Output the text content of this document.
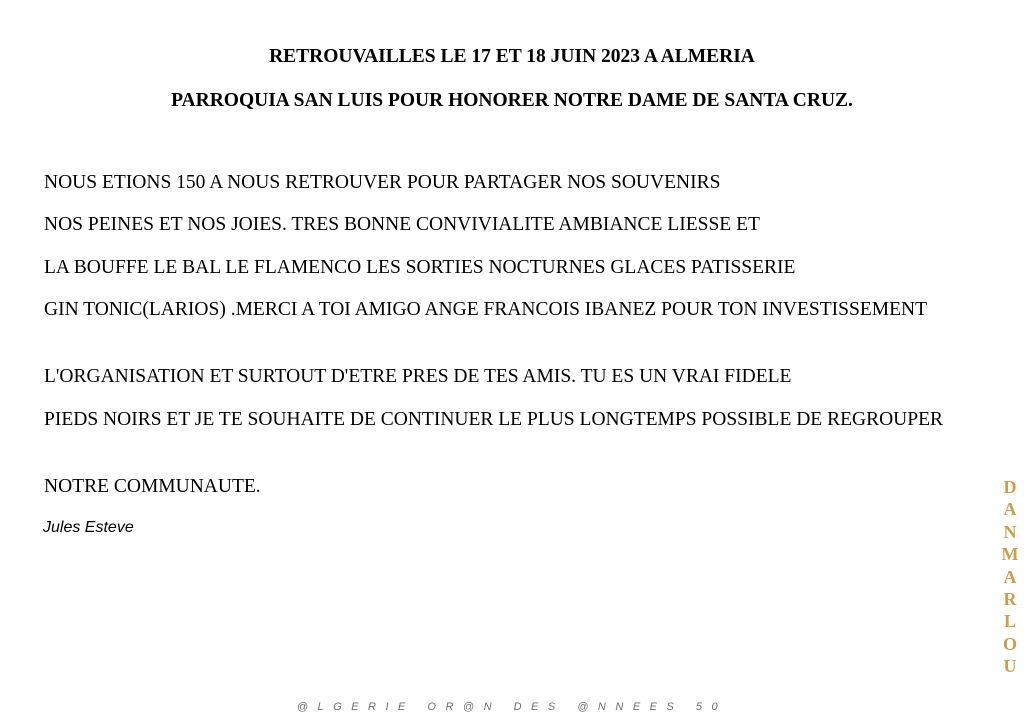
RETROUVAILLES LE 17 ET 18 JUIN 2023 A ALMERIA
PARROQUIA SAN LUIS POUR HONORER NOTRE DAME DE SANTA CRUZ.

NOUS ETIONS 150 A NOUS RETROUVER POUR PARTAGER NOS SOUVENIRS

NOS PEINES ET NOS JOIES. TRES BONNE CONVIVIALITE AMBIANCE LIESSE ET

LA BOUFFE LE BAL LE FLAMENCO LES SORTIES NOCTURNES GLACES PATISSERIE

GIN TONIC(LARIOS) .MERCI A TOI AMIGO ANGE FRANCOIS IBANEZ POUR TON INVESTISSEMENT

L'ORGANISATION ET SURTOUT D'ETRE PRES DE TES AMIS. TU ES UN VRAI FIDELE

PIEDS NOIRS ET JE TE SOUHAITE DE CONTINUER LE PLUS LONGTEMPS POSSIBLE DE REGROUPER

NOTRE COMMUNAUTE.

Jules Esteve
DANMARLOU
@LGERIE OR@N DES @NNEES 50
